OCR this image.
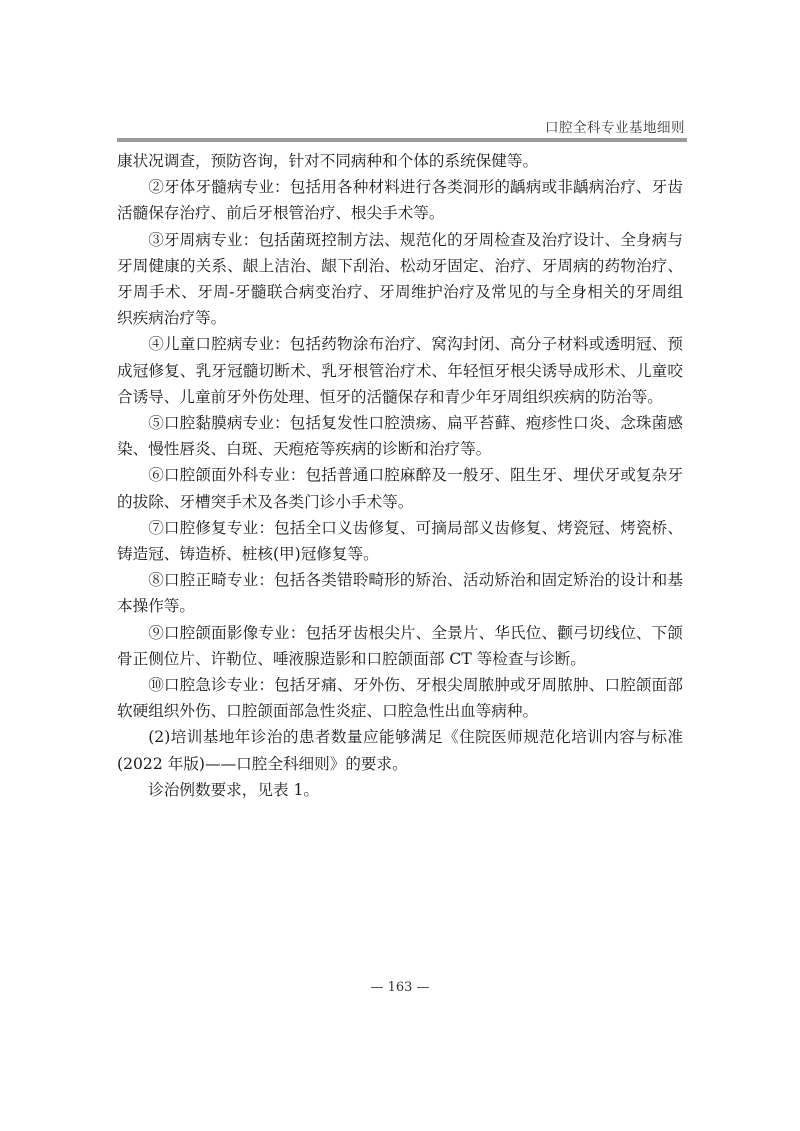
口腔全科专业基地细则

康状况调查，预防咨询，针对不同病种和个体的系统保健等。

②牙体牙髓病专业：包括用各种材料进行各类洞形的龋病或非龋病治疗、牙齿活髓保存治疗、前后牙根管治疗、根尖手术等。

③牙周病专业：包括菌斑控制方法、规范化的牙周检查及治疗设计、全身病与牙周健康的关系、龈上洁治、龈下刮治、松动牙固定、治疗、牙周病的药物治疗、牙周手术、牙周-牙髓联合病变治疗、牙周维护治疗及常见的与全身相关的牙周组织疾病治疗等。

④儿童口腔病专业：包括药物涂布治疗、窝沟封闭、高分子材料或透明冠、预成冠修复、乳牙冠髓切断术、乳牙根管治疗术、年轻恒牙根尖诱导成形术、儿童咬合诱导、儿童前牙外伤处理、恒牙的活髓保存和青少年牙周组织疾病的防治等。

⑤口腔黏膜病专业：包括复发性口腔溃疡、扁平苔藓、疱疹性口炎、念珠菌感染、慢性唇炎、白斑、天疱疮等疾病的诊断和治疗等。

⑥口腔颌面外科专业：包括普通口腔麻醉及一般牙、阻生牙、埋伏牙或复杂牙的拔除、牙槽突手术及各类门诊小手术等。

⑦口腔修复专业：包括全口义齿修复、可摘局部义齿修复、烤瓷冠、烤瓷桥、铸造冠、铸造桥、桩核(甲)冠修复等。

⑧口腔正畸专业：包括各类错聆畸形的矫治、活动矫治和固定矫治的设计和基本操作等。

⑨口腔颌面影像专业：包括牙齿根尖片、全景片、华氏位、颧弓切线位、下颌骨正侧位片、许勒位、唾液腺造影和口腔颌面部 CT 等检查与诊断。

⑩口腔急诊专业：包括牙痛、牙外伤、牙根尖周脓肿或牙周脓肿、口腔颌面部软硬组织外伤、口腔颌面部急性炎症、口腔急性出血等病种。

(2)培训基地年诊治的患者数量应能够满足《住院医师规范化培训内容与标准(2022 年版)——口腔全科细则》的要求。

诊治例数要求，见表 1。

— 163 —
